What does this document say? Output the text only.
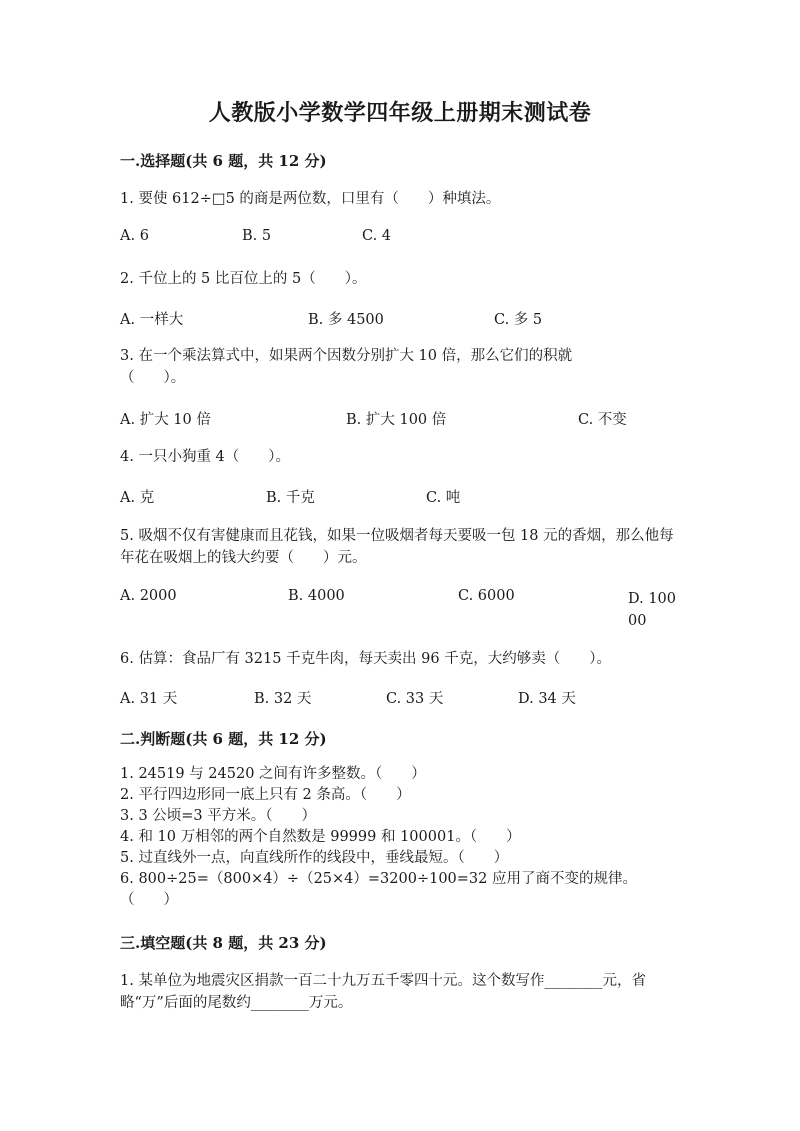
人教版小学数学四年级上册期末测试卷
一.选择题(共 6 题，共 12 分)
1. 要使 612÷□5 的商是两位数，口里有（　　）种填法。
A. 6	B. 5	C. 4
2. 千位上的 5 比百位上的 5（　　）。
A. 一样大	B. 多 4500	C. 多 5
3. 在一个乘法算式中，如果两个因数分别扩大 10 倍，那么它们的积就（　　）。
A. 扩大 10 倍	B. 扩大 100 倍	C. 不变
4. 一只小狗重 4（　　）。
A. 克	B. 千克	C. 吨
5. 吸烟不仅有害健康而且花钱，如果一位吸烟者每天要吸一包 18 元的香烟，那么他每年花在吸烟上的钱大约要（　　）元。
A. 2000	B. 4000	C. 6000	D. 10000
6. 估算：食品厂有 3215 千克牛肉，每天卖出 96 千克，大约够卖（　　）。
A. 31 天	B. 32 天	C. 33 天	D. 34 天
二.判断题(共 6 题，共 12 分)
1. 24519 与 24520 之间有许多整数。（　　）
2. 平行四边形同一底上只有 2 条高。（　　）
3. 3 公顷=3 平方米。（　　）
4. 和 10 万相邻的两个自然数是 99999 和 100001。（　　）
5. 过直线外一点，向直线所作的线段中，垂线最短。（　　）
6. 800÷25=（800×4）÷（25×4）=3200÷100=32 应用了商不变的规律。（　　）
三.填空题(共 8 题，共 23 分)
1. 某单位为地震灾区捐款一百二十九万五千零四十元。这个数写作________元，省略“万”后面的尾数约________万元。
